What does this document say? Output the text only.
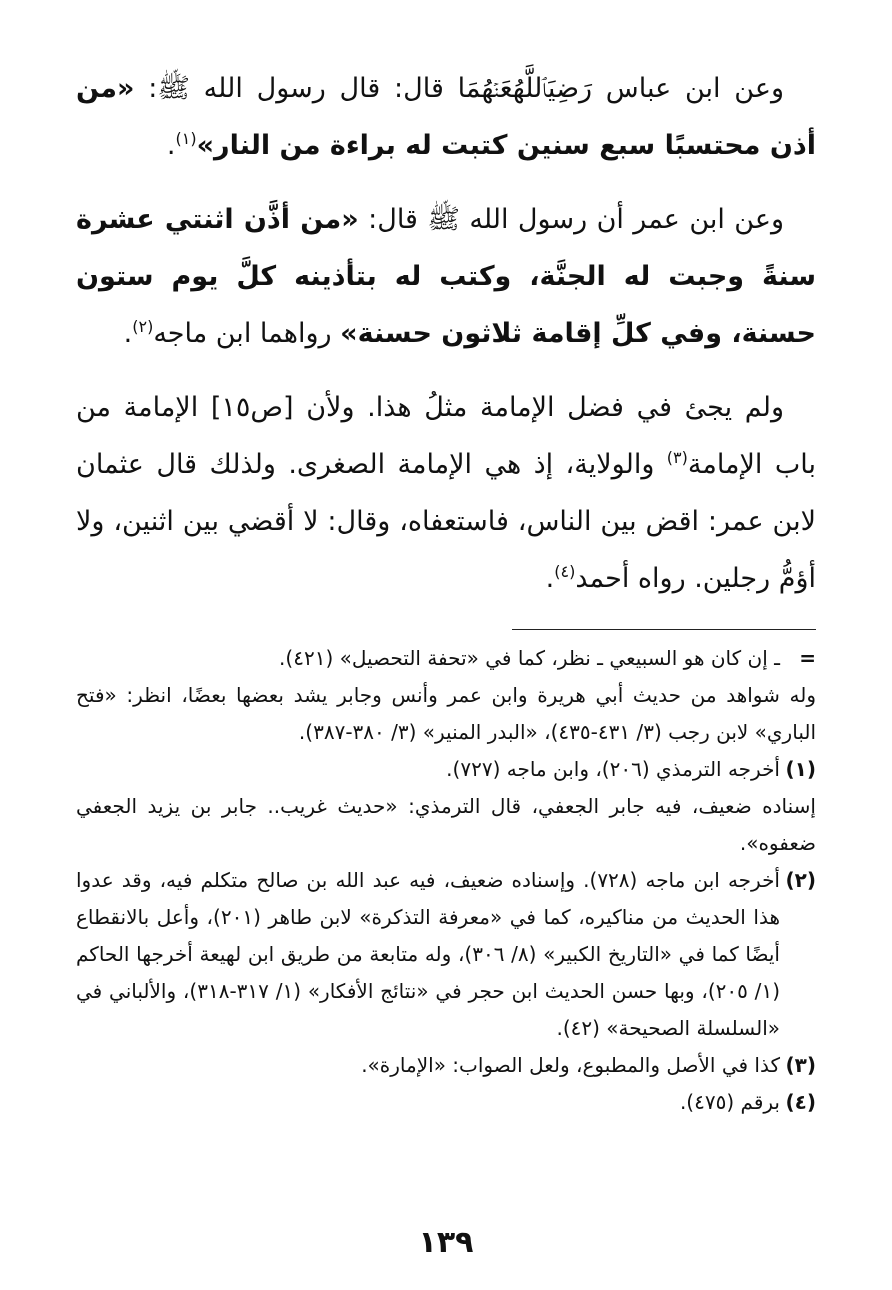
وعن ابن عباس رَضِيَٱللَّهُعَنۡهُمَا قال: قال رسول الله ﷺ: «من أذن محتسبًا سبع سنين كتبت له براءة من النار»$^{(١)}$.

وعن ابن عمر أن رسول الله ﷺ قال: «من أذَّن اثنتي عشرة سنةً وجبت له الجنَّة، وكتب له بتأذينه كلَّ يوم ستون حسنة، وفي كلِّ إقامة ثلاثون حسنة» رواهما ابن ماجه$^{(٢)}$.

ولم يجئ في فضل الإمامة مثلُ هذا. ولأن [ص١٥] الإمامة من باب الإمامة$^{(٣)}$ والولاية، إذ هي الإمامة الصغرى. ولذلك قال عثمان لابن عمر: اقض بين الناس، فاستعفاه، وقال: لا أقضي بين اثنين، ولا أؤمُّ رجلين. رواه أحمد$^{(٤)}$.

=

ـ إن كان هو السبيعي ـ نظر، كما في «تحفة التحصيل» (٤٢١).

وله شواهد من حديث أبي هريرة وابن عمر وأنس وجابر يشد بعضها بعضًا، انظر: «فتح الباري» لابن رجب (٣/ ٤٣١-٤٣٥)، «البدر المنير» (٣/ ٣٨٠-٣٨٧).

(١)

أخرجه الترمذي (٢٠٦)، وابن ماجه (٧٢٧).

إسناده ضعيف، فيه جابر الجعفي، قال الترمذي: «حديث غريب.. جابر بن يزيد الجعفي ضعفوه».

(٢)

أخرجه ابن ماجه (٧٢٨). وإسناده ضعيف، فيه عبد الله بن صالح متكلم فيه، وقد عدوا هذا الحديث من مناكيره، كما في «معرفة التذكرة» لابن طاهر (٢٠١)، وأعل بالانقطاع أيضًا كما في «التاريخ الكبير» (٨/ ٣٠٦)، وله متابعة من طريق ابن لهيعة أخرجها الحاكم (١/ ٢٠٥)، وبها حسن الحديث ابن حجر في «نتائج الأفكار» (١/ ٣١٧-٣١٨)، والألباني في «السلسلة الصحيحة» (٤٢).

(٣)

كذا في الأصل والمطبوع، ولعل الصواب: «الإمارة».

(٤)

برقم (٤٧٥).

١٣٩
